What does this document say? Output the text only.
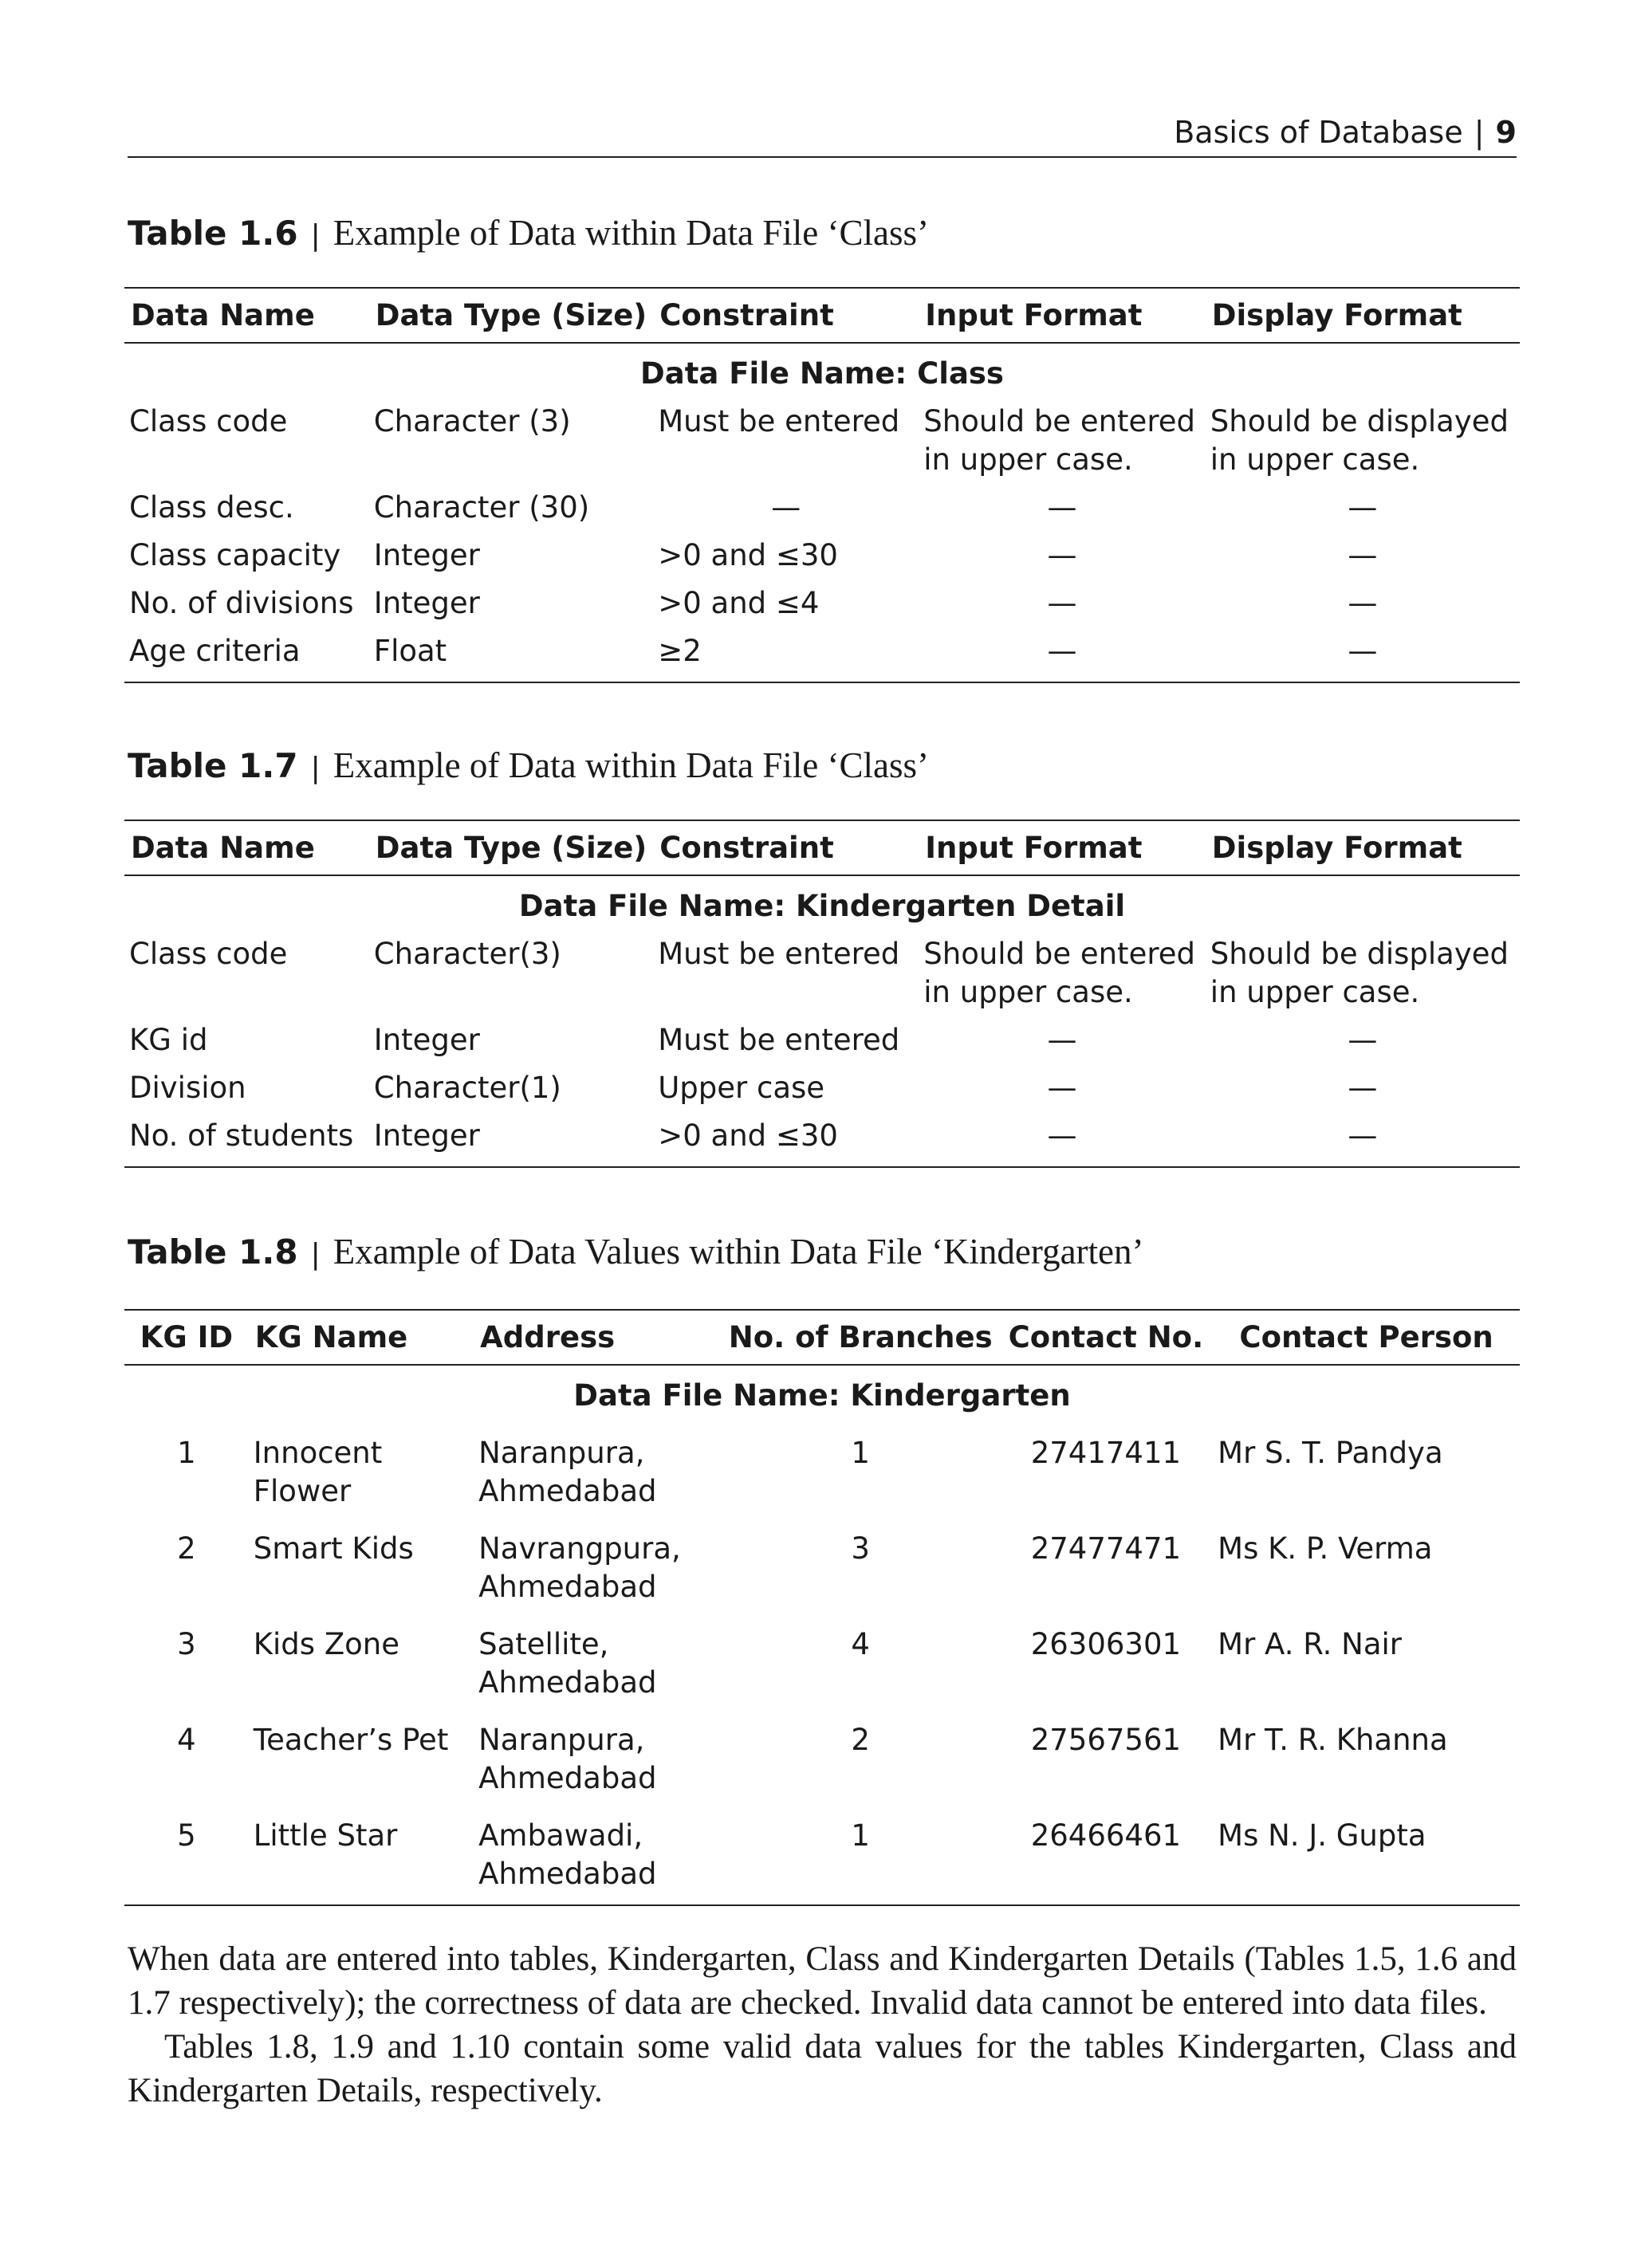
Basics of Database | 9
Table 1.6 | Example of Data within Data File ‘Class’
Data Name	Data Type (Size)	Constraint	Input Format	Display Format
Data File Name: Class				
Class code	Character (3)	Must be entered	Should be entered in upper case.	Should be displayed in upper case.
Class desc.	Character (30)	—	—	—
Class capacity	Integer	>0 and ≤30	—	—
No. of divisions	Integer	>0 and ≤4	—	—
Age criteria	Float	≥2	—	—
Table 1.7 | Example of Data within Data File ‘Class’
Data Name	Data Type (Size)	Constraint	Input Format	Display Format
Data File Name: Kindergarten Detail				
Class code	Character(3)	Must be entered	Should be entered in upper case.	Should be displayed in upper case.
KG id	Integer	Must be entered	—	—
Division	Character(1)	Upper case	—	—
No. of students	Integer	>0 and ≤30	—	—
Table 1.8 | Example of Data Values within Data File ‘Kindergarten’
KG ID	KG Name	Address	No. of Branches	Contact No.	Contact Person
Data File Name: Kindergarten					
1	Innocent Flower	Naranpura, Ahmedabad	1	27417411	Mr S. T. Pandya
2	Smart Kids	Navrangpura, Ahmedabad	3	27477471	Ms K. P. Verma
3	Kids Zone	Satellite, Ahmedabad	4	26306301	Mr A. R. Nair
4	Teacher’s Pet	Naranpura, Ahmedabad	2	27567561	Mr T. R. Khanna
5	Little Star	Ambawadi, Ahmedabad	1	26466461	Ms N. J. Gupta

When data are entered into tables, Kindergarten, Class and Kindergarten Details (Tables 1.5, 1.6 and 1.7 respectively); the correctness of data are checked. Invalid data cannot be entered into data files.

Tables 1.8, 1.9 and 1.10 contain some valid data values for the tables Kindergarten, Class and Kindergarten Details, respectively.
